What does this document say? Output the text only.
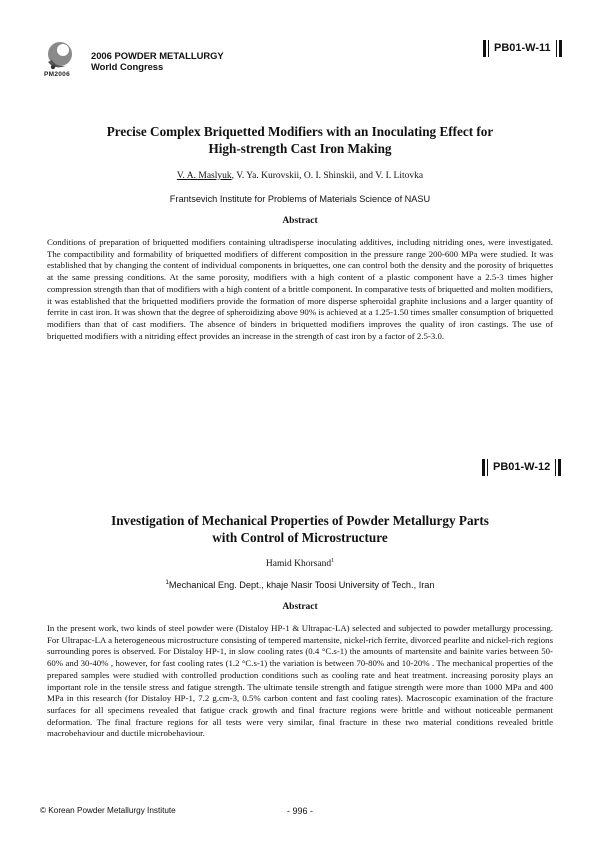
PM2006
2006 POWDER METALLURGY
World Congress
PB01-W-11
Precise Complex Briquetted Modifiers with an Inoculating Effect for
High-strength Cast Iron Making
V. A. Maslyuk, V. Ya. Kurovskii, O. I. Shinskii, and V. I. Litovka
Frantsevich Institute for Problems of Materials Science of NASU
Abstract

Conditions of preparation of briquetted modifiers containing ultradisperse inoculating additives, including nitriding ones, were investigated. The compactibility and formability of briquetted modifiers of different composition in the pressure range 200-600 MPa were studied. It was established that by changing the content of individual components in briquettes, one can control both the density and the porosity of briquettes at the same pressing conditions. At the same porosity, modifiers with a high content of a plastic component have a 2.5-3 times higher compression strength than that of modifiers with a high content of a brittle component. In comparative tests of briquetted and molten modifiers, it was established that the briquetted modifiers provide the formation of more disperse spheroidal graphite inclusions and a larger quantity of ferrite in cast iron. It was shown that the degree of spheroidizing above 90% is achieved at a 1.25-1.50 times smaller consumption of briquetted modifiers than that of cast modifiers. The absence of binders in briquetted modifiers improves the quality of iron castings. The use of briquetted modifiers with a nitriding effect provides an increase in the strength of cast iron by a factor of 2.5-3.0.

PB01-W-12
Investigation of Mechanical Properties of Powder Metallurgy Parts
with Control of Microstructure
Hamid Khorsand$^1$
$^1$Mechanical Eng. Dept., khaje Nasir Toosi University of Tech., Iran
Abstract

In the present work, two kinds of steel powder were (Distaloy HP-1 & Ultrapac-LA) selected and subjected to powder metallurgy processing. For Ultrapac-LA a heterogeneous microstructure consisting of tempered martensite, nickel-rich ferrite, divorced pearlite and nickel-rich regions surrounding pores is observed. For Distaloy HP-1, in slow cooling rates (0.4 °C.s-1) the amounts of martensite and bainite varies between 50-60% and 30-40% , however, for fast cooling rates (1.2 °C.s-1) the variation is between 70-80% and 10-20% . The mechanical properties of the prepared samples were studied with controlled production conditions such as cooling rate and heat treatment. increasing porosity plays an important role in the tensile stress and fatigue strength. The ultimate tensile strength and fatigue strength were more than 1000 MPa and 400 MPa in this research (for Distaloy HP-1, 7.2 g.cm-3, 0.5% carbon content and fast cooling rates). Macroscopic examination of the fracture surfaces for all specimens revealed that fatigue crack growth and final fracture regions were brittle and without noticeable permanent deformation. The final fracture regions for all tests were very similar, final fracture in these two material conditions revealed brittle macrobehaviour and ductile microbehaviour.

© Korean Powder Metallurgy Institute	- 996 -
